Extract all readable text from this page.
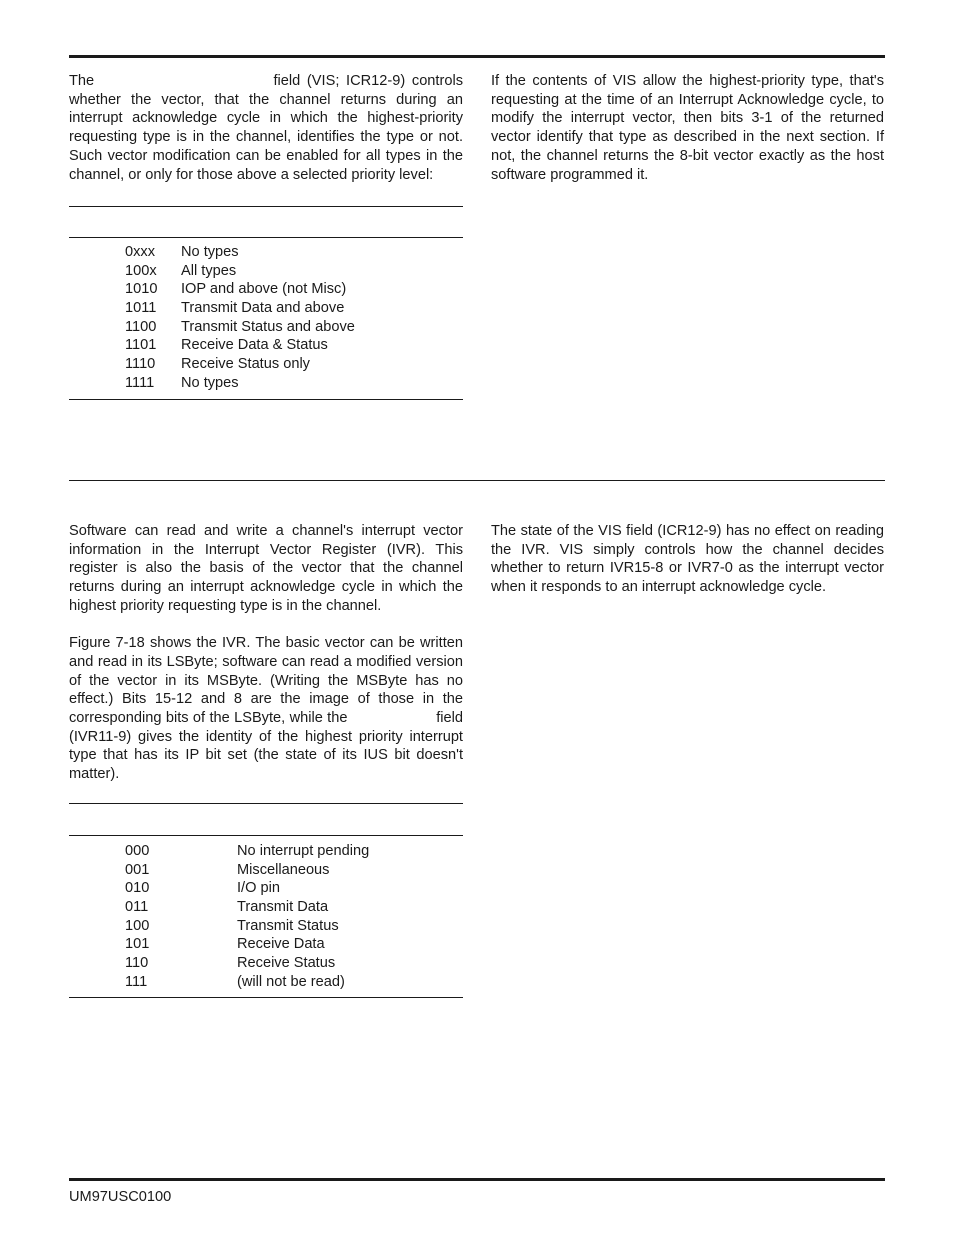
The	field (VIS; ICR12-9) controls whether the vector, that the channel returns during an interrupt acknowledge cycle in which the highest-priority requesting type is in the channel, identifies the type or not. Such vector modification can be enabled for all types in the channel, or only for those above a selected priority level:

If the contents of VIS allow the highest-priority type, that's requesting at the time of an Interrupt Acknowledge cycle, to modify the interrupt vector, then bits 3-1 of the returned vector identify that type as described in the next section. If not, the channel returns the 8-bit vector exactly as the host software programmed it.

0xxx	No types
100x	All types
1010	IOP and above (not Misc)
1011	Transmit Data and above
1100	Transmit Status and above
1101	Receive Data & Status
1110	Receive Status only
1111	No types

Software can read and write a channel's interrupt vector information in the Interrupt Vector Register (IVR). This register is also the basis of the vector that the channel returns during an interrupt acknowledge cycle in which the highest priority requesting type is in the channel.

Figure 7-18 shows the IVR. The basic vector can be written and read in its LSByte; software can read a modified version of the vector in its MSByte. (Writing the MSByte has no effect.) Bits 15-12 and 8 are the image of those in the corresponding bits of the LSByte, while the	field (IVR11-9) gives the identity of the highest priority interrupt type that has its IP bit set (the state of its IUS bit doesn't matter).

The state of the VIS field (ICR12-9) has no effect on reading the IVR. VIS simply controls how the channel decides whether to return IVR15-8 or IVR7-0 as the interrupt vector when it responds to an interrupt acknowledge cycle.

000	No interrupt pending
001	Miscellaneous
010	I/O pin
011	Transmit Data
100	Transmit Status
101	Receive Data
110	Receive Status
111	(will not be read)
UM97USC0100
